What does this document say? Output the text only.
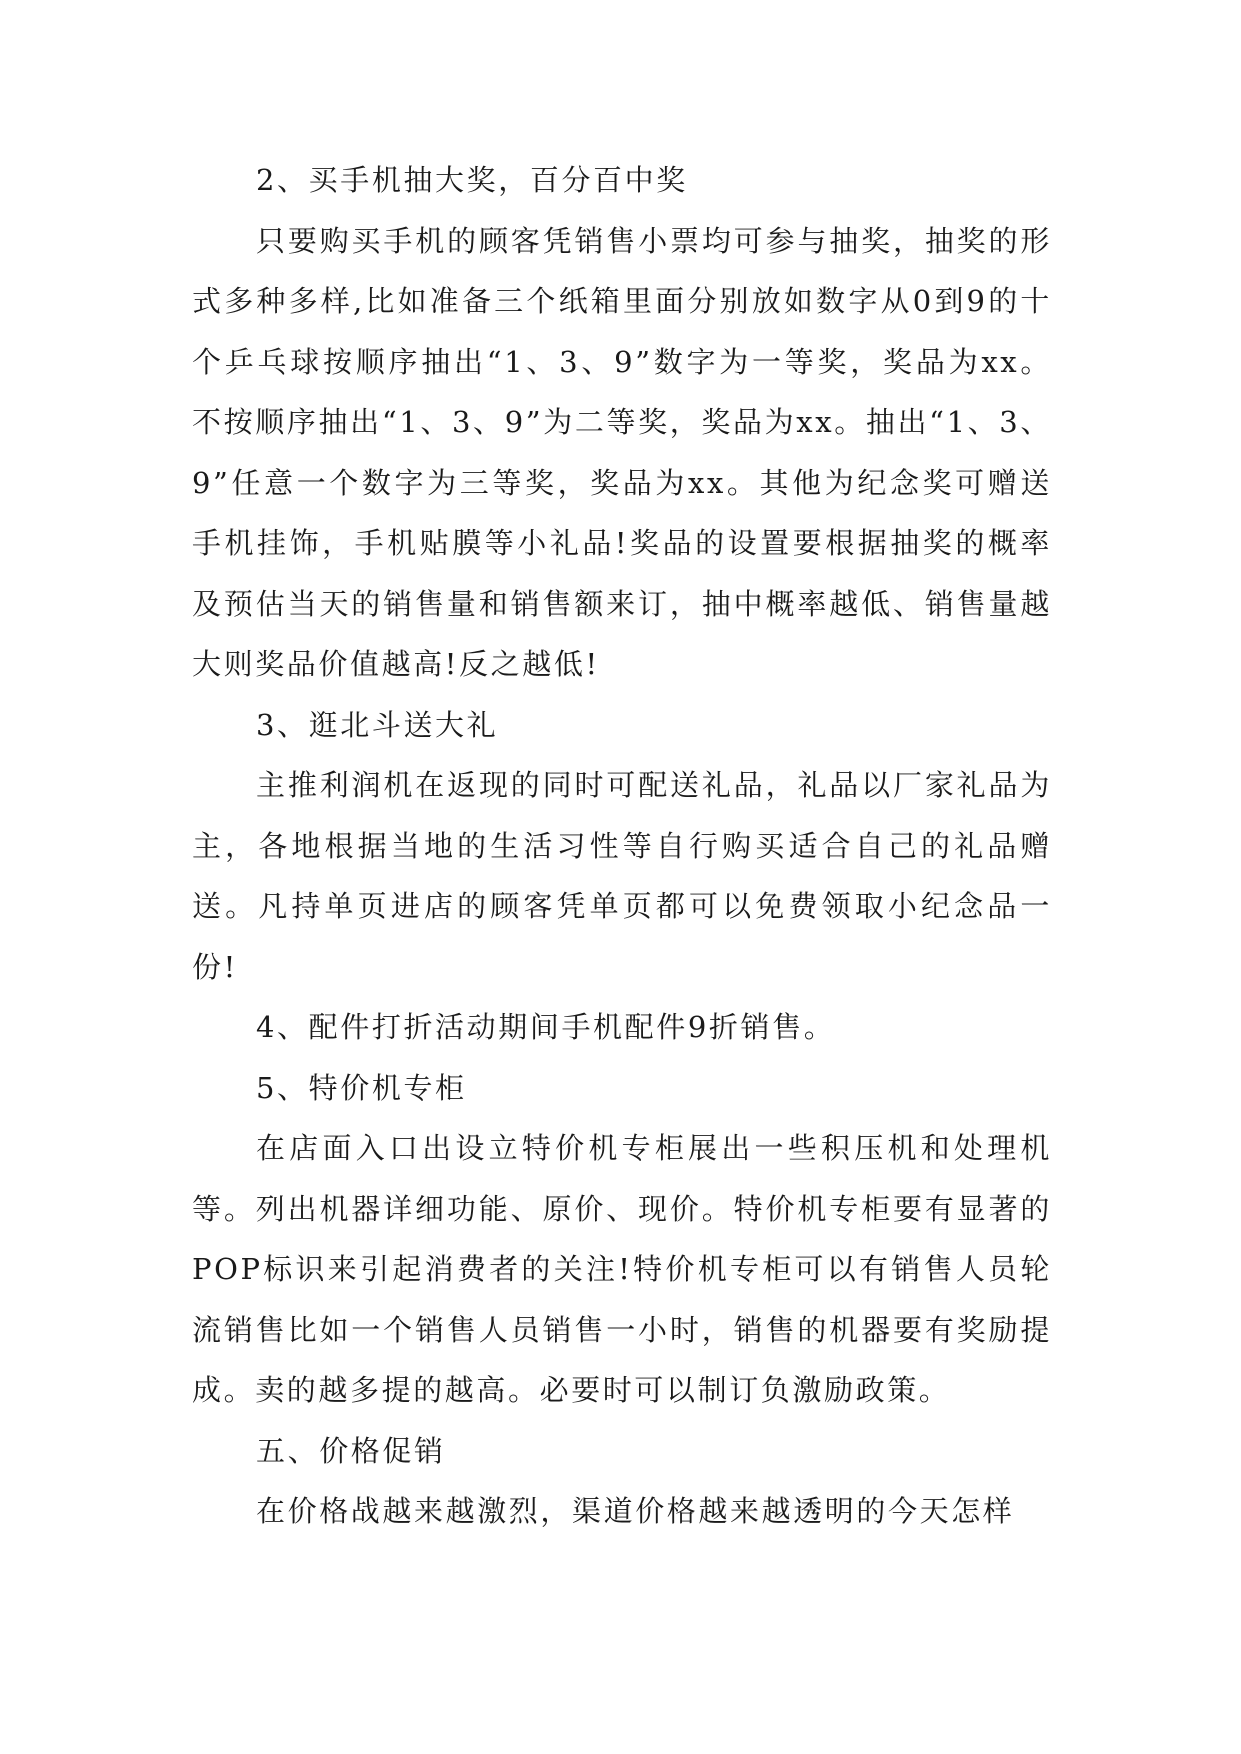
2、买手机抽大奖，百分百中奖

只要购买手机的顾客凭销售小票均可参与抽奖，抽奖的形式多种多样,比如准备三个纸箱里面分别放如数字从0到9的十个乒乓球按顺序抽出“1、3、9”数字为一等奖，奖品为xx。不按顺序抽出“1、3、9”为二等奖，奖品为xx。抽出“1、3、9”任意一个数字为三等奖，奖品为xx。其他为纪念奖可赠送手机挂饰，手机贴膜等小礼品!奖品的设置要根据抽奖的概率及预估当天的销售量和销售额来订，抽中概率越低、销售量越大则奖品价值越高!反之越低!

3、逛北斗送大礼

主推利润机在返现的同时可配送礼品，礼品以厂家礼品为主，各地根据当地的生活习性等自行购买适合自己的礼品赠送。凡持单页进店的顾客凭单页都可以免费领取小纪念品一份!

4、配件打折活动期间手机配件9折销售。

5、特价机专柜

在店面入口出设立特价机专柜展出一些积压机和处理机等。列出机器详细功能、原价、现价。特价机专柜要有显著的POP标识来引起消费者的关注!特价机专柜可以有销售人员轮流销售比如一个销售人员销售一小时，销售的机器要有奖励提成。卖的越多提的越高。必要时可以制订负激励政策。

五、价格促销

在价格战越来越激烈，渠道价格越来越透明的今天怎样
